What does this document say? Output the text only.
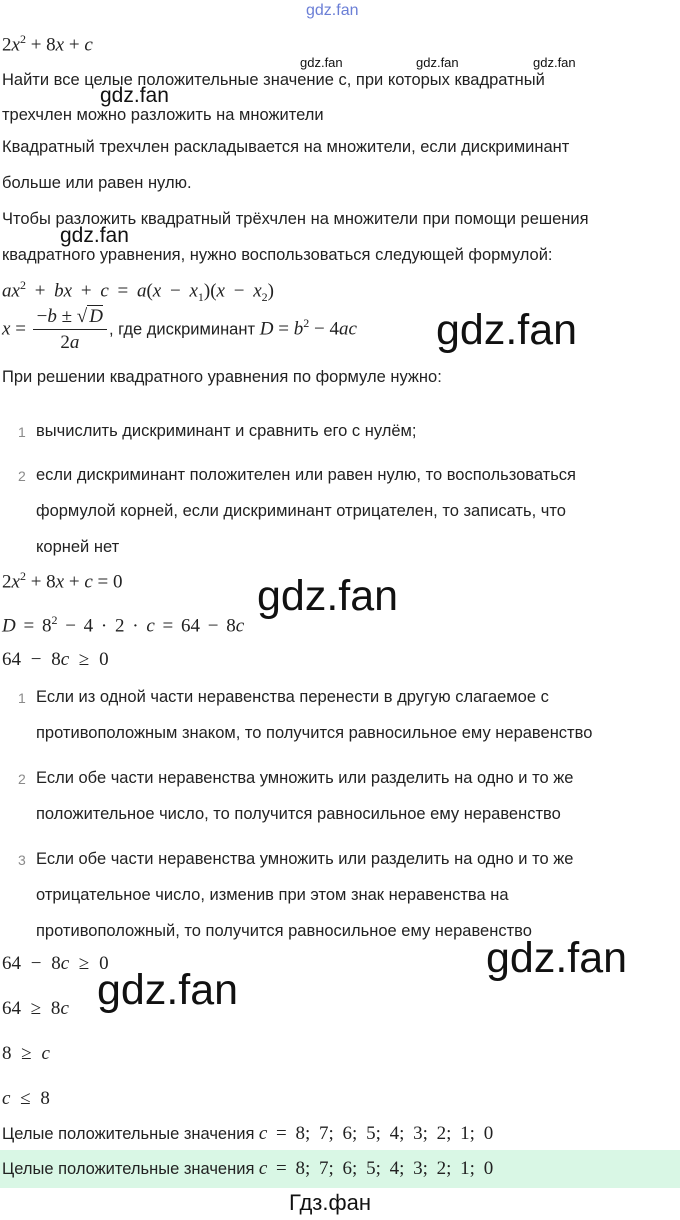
gdz.fan
$2x^2 + 8x + c$
gdz.fan	gdz.fan	gdz.fan
Найти все целые положительные значение c, при которых квадратный
gdz.fan
трехчлен можно разложить на множители
Квадратный трехчлен раскладывается на множители, если дискриминант
больше или равен нулю.
Чтобы разложить квадратный трёхчлен на множители при помощи решения
gdz.fan
квадратного уравнения, нужно воспользоваться следующей формулой:
$ax^2$ + bx + $c = a(x - x_1)(x - x_2)$
$x = \frac{-b \pm √ D}{2a}$ , где дискриминант $D = b^2 - 4ac$ gdz.fan
При решении квадратного уравнения по формуле нужно:
1 вычислить дискриминант и сравнить его с нулём;
2 если дискриминант положителен или равен нулю, то воспользоваться
формулой корней, если дискриминант отрицателен, то записать, что
корней нет
$2x^2 + 8x + c = 0$	gdz.fan
$D = 8^2 - 4 \cdot 2 \cdot c = 64 - 8c$
64 − 8c ≥ 0
1 Если из одной части неравенства перенести в другую слагаемое с
противоположным знаком, то получится равносильное ему неравенство
2 Если обе части неравенства умножить или разделить на одно и то же
положительное число, то получится равносильное ему неравенство
3 Если обе части неравенства умножить или разделить на одно и то же
отрицательное число, изменив при этом знак неравенства на
противоположный, то получится равносильное ему неравенство
64 − 8c ≥ 0	gdz.fan
64 ≥ 8c gdz.fan
8 ≥ c
c ≤ 8
Целые положительные значения c = 8; 7; 6; 5; 4; 3; 2; 1; 0
Целые положительные значения c = 8; 7; 6; 5; 4; 3; 2; 1; 0
Гдз.фан
